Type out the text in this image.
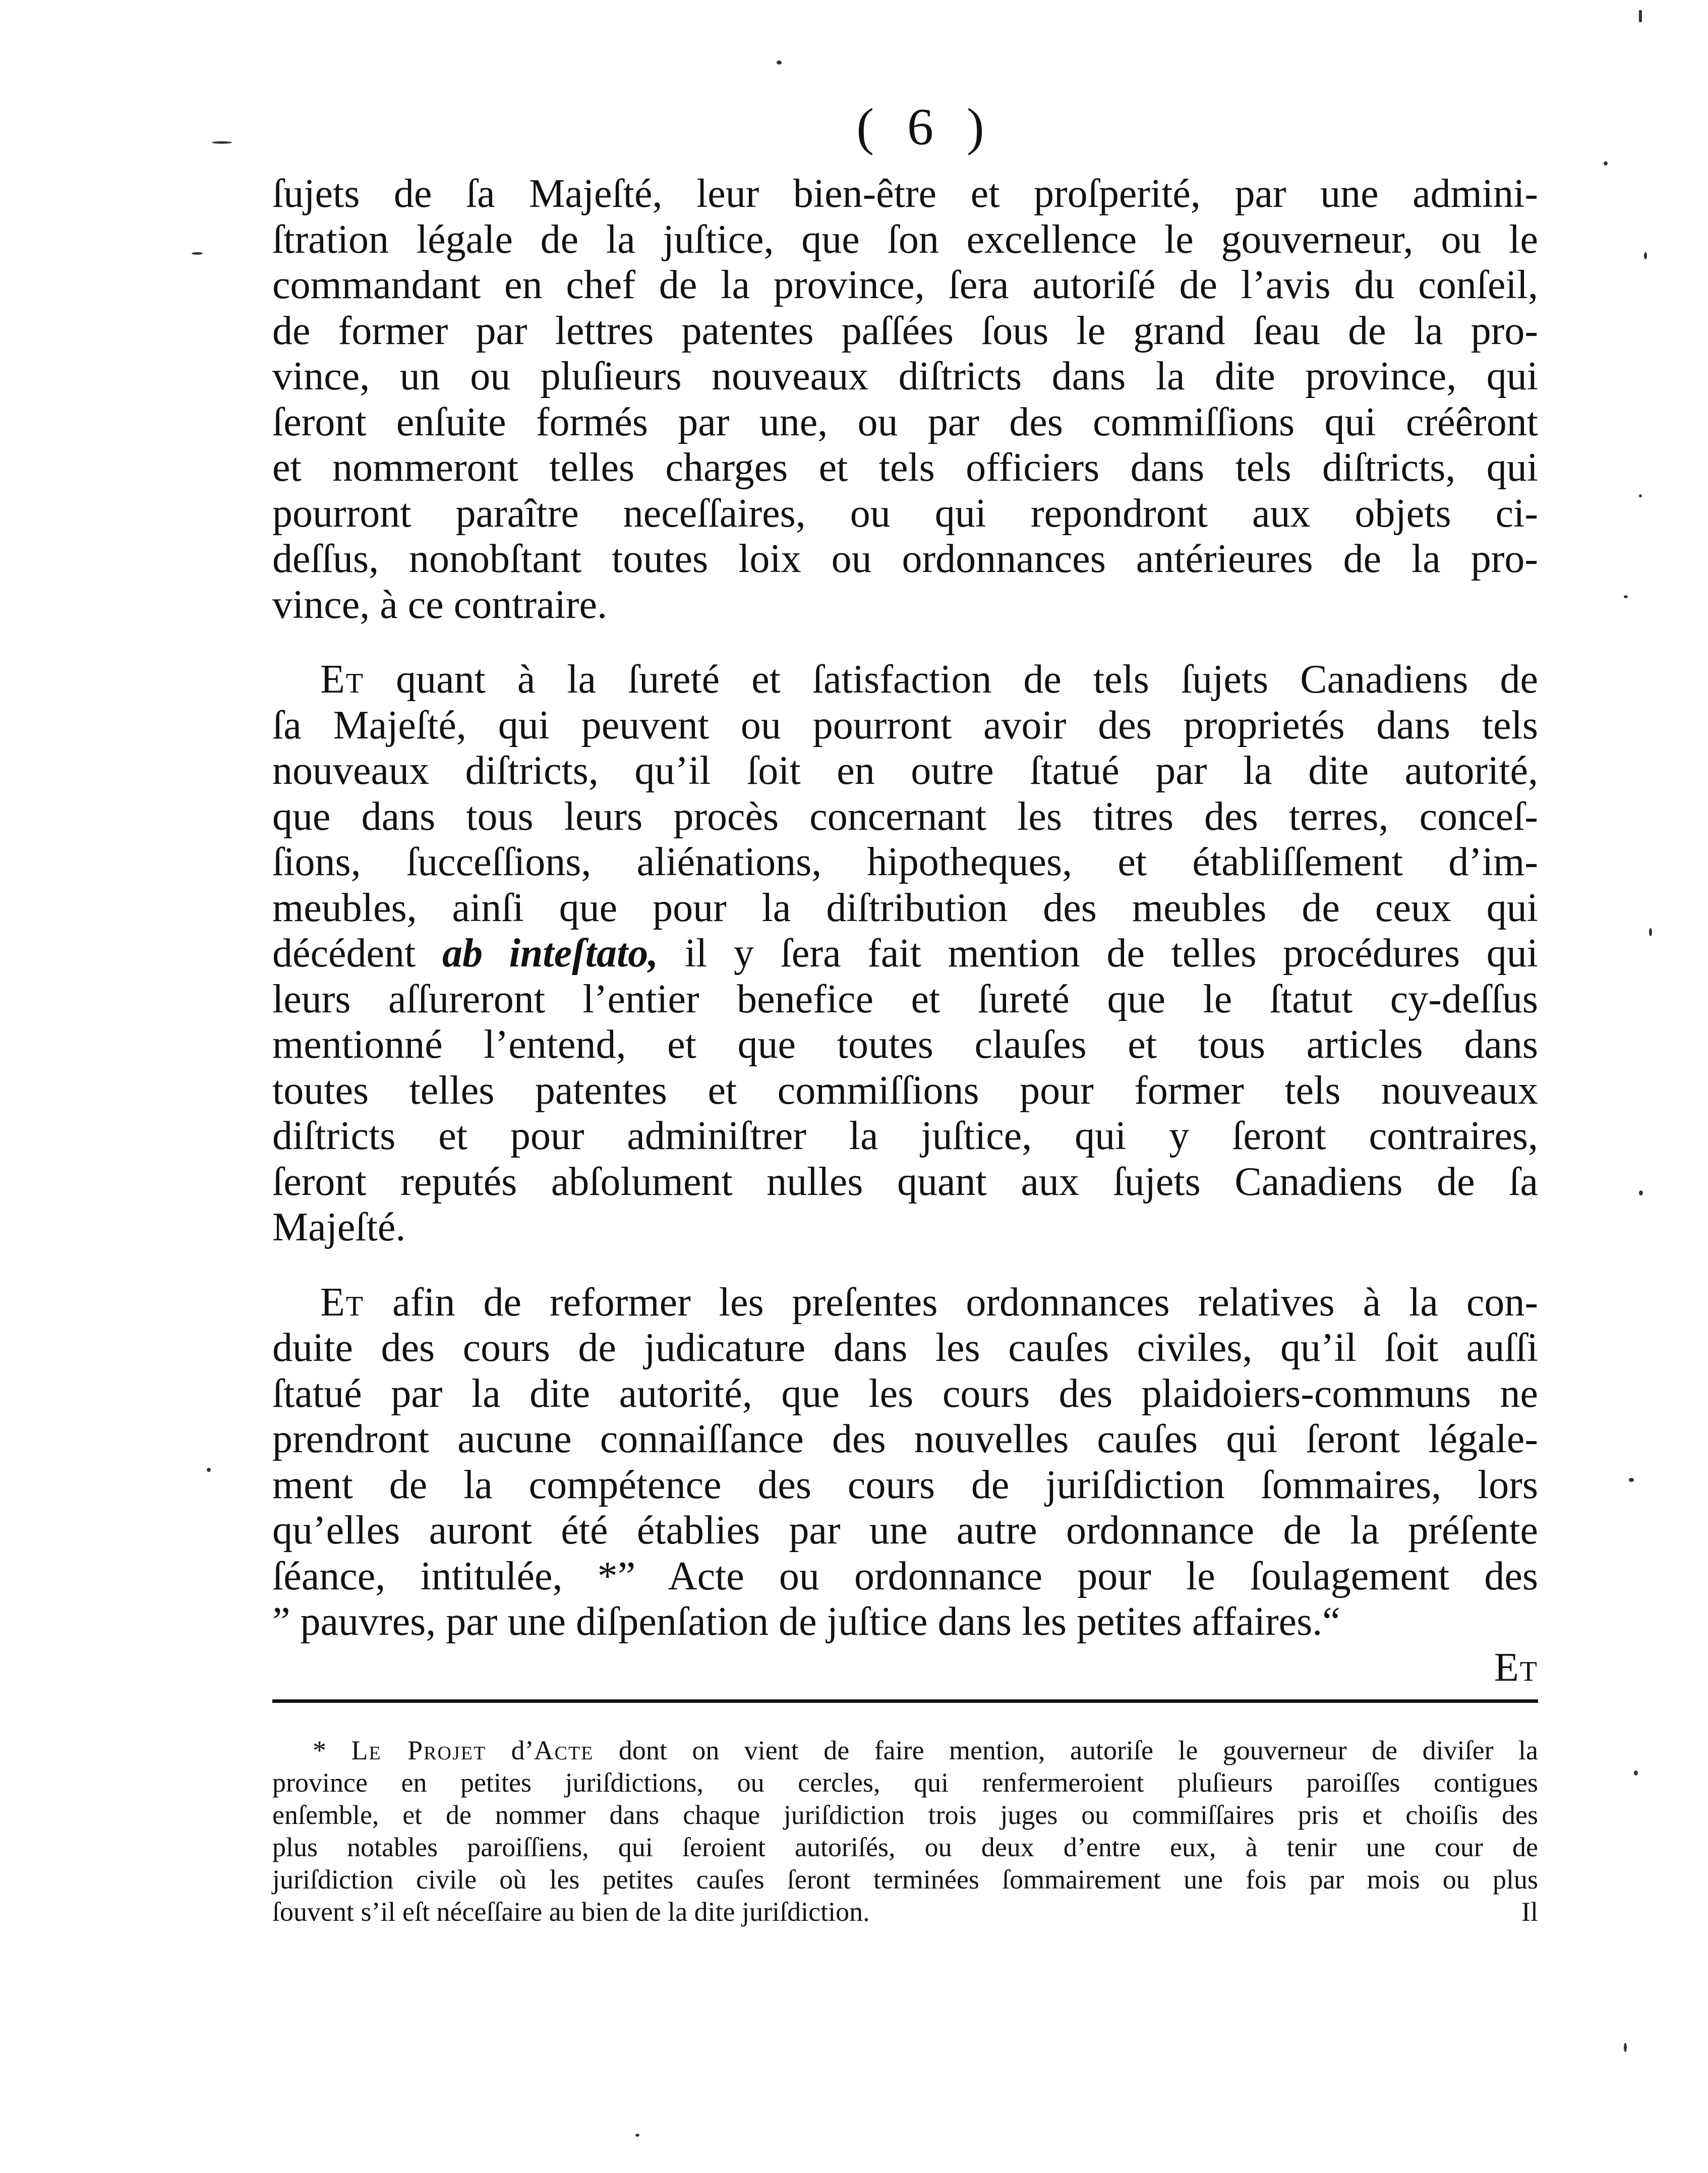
( 6 )
ſujets de ſa Majeſté, leur bien-être et proſperité, par une admini-
ſtration légale de la juſtice, que ſon excellence le gouverneur, ou le
commandant en chef de la province, ſera autoriſé de l’avis du conſeil,
de former par lettres patentes paſſées ſous le grand ſeau de la pro-
vince, un ou pluſieurs nouveaux diſtricts dans la dite province, qui
ſeront enſuite formés par une, ou par des commiſſions qui créêront
et nommeront telles charges et tels officiers dans tels diſtricts, qui
pourront paraître neceſſaires, ou qui repondront aux objets ci-
deſſus, nonobſtant toutes loix ou ordonnances antérieures de la pro-
vince, à ce contraire.
Et quant à la ſureté et ſatisfaction de tels ſujets Canadiens de
ſa Majeſté, qui peuvent ou pourront avoir des proprietés dans tels
nouveaux diſtricts, qu’il ſoit en outre ſtatué par la dite autorité,
que dans tous leurs procès concernant les titres des terres, conceſ-
ſions, ſucceſſions, aliénations, hipotheques, et établiſſement d’im-
meubles, ainſi que pour la diſtribution des meubles de ceux qui
décédent ab inteſtato, il y ſera fait mention de telles procédures qui
leurs aſſureront l’entier benefice et ſureté que le ſtatut cy-deſſus
mentionné l’entend, et que toutes clauſes et tous articles dans
toutes telles patentes et commiſſions pour former tels nouveaux
diſtricts et pour adminiſtrer la juſtice, qui y ſeront contraires,
ſeront reputés abſolument nulles quant aux ſujets Canadiens de ſa
Majeſté.
Et afin de reformer les preſentes ordonnances relatives à la con-
duite des cours de judicature dans les cauſes civiles, qu’il ſoit auſſi
ſtatué par la dite autorité, que les cours des plaidoiers-communs ne
prendront aucune connaiſſance des nouvelles cauſes qui ſeront légale-
ment de la compétence des cours de juriſdiction ſommaires, lors
qu’elles auront été établies par une autre ordonnance de la préſente
ſéance, intitulée, *” Acte ou ordonnance pour le ſoulagement des
” pauvres, par une diſpenſation de juſtice dans les petites affaires.“
Et
* Le Projet d’Acte dont on vient de faire mention, autoriſe le gouverneur de diviſer la
province en petites juriſdictions, ou cercles, qui renfermeroient pluſieurs paroiſſes contigues
enſemble, et de nommer dans chaque juriſdiction trois juges ou commiſſaires pris et choiſis des
plus notables paroiſſiens, qui ſeroient autoriſés, ou deux d’entre eux, à tenir une cour de
juriſdiction civile où les petites cauſes ſeront terminées ſommairement une fois par mois ou plus
ſouvent s’il eſt néceſſaire au bien de la dite juriſdiction.	Il
